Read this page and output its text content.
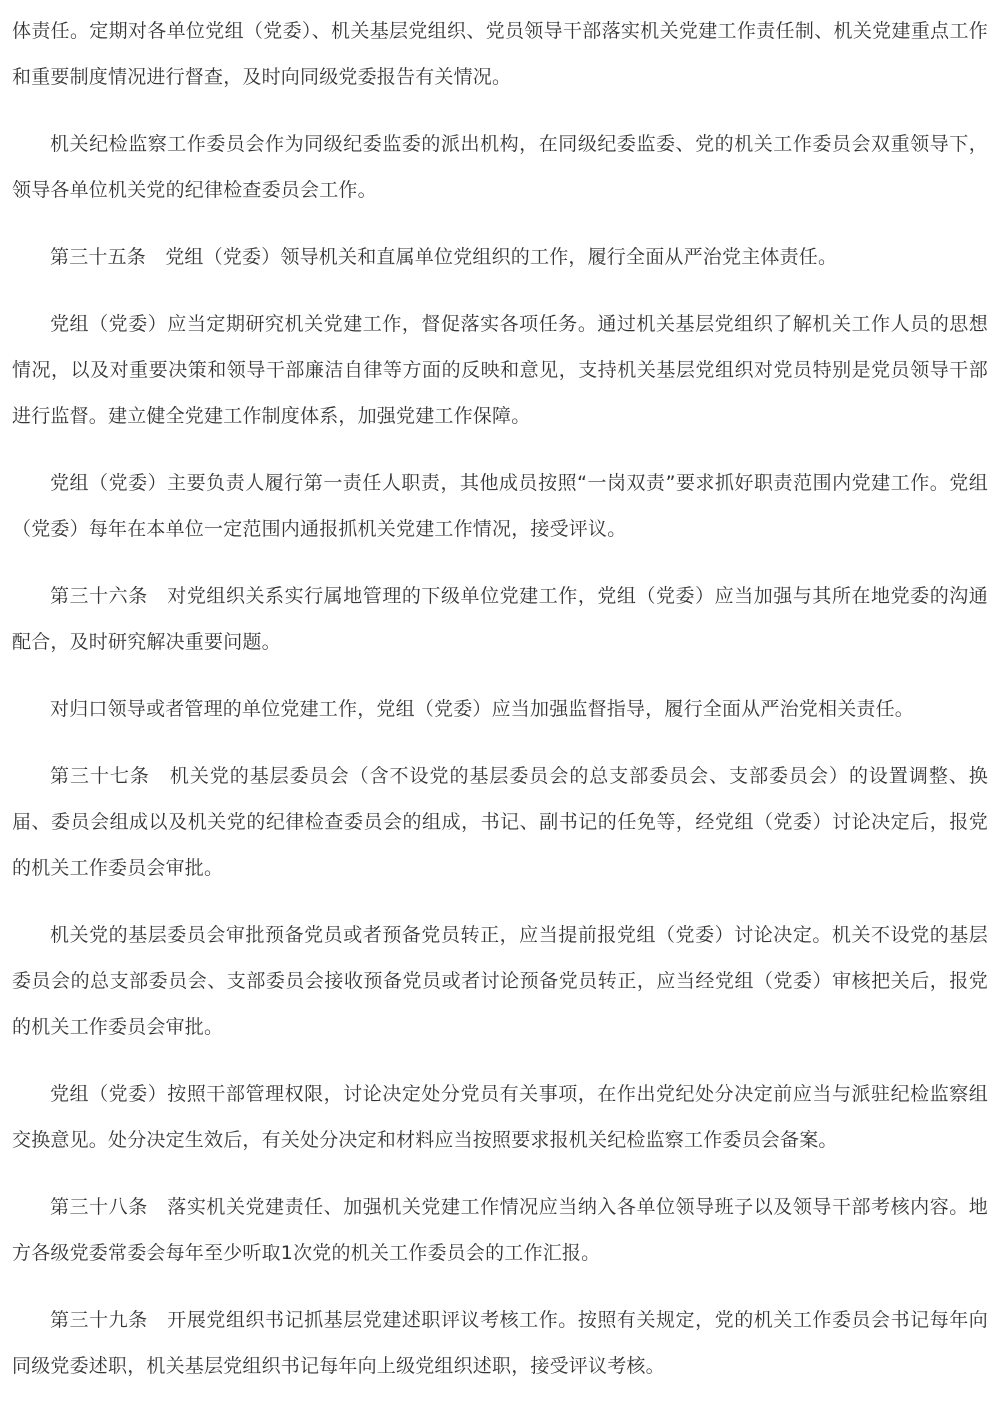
体责任。定期对各单位党组（党委）、机关基层党组织、党员领导干部落实机关党建工作责任制、机关党建重点工作和重要制度情况进行督查，及时向同级党委报告有关情况。

机关纪检监察工作委员会作为同级纪委监委的派出机构，在同级纪委监委、党的机关工作委员会双重领导下，领导各单位机关党的纪律检查委员会工作。

第三十五条　党组（党委）领导机关和直属单位党组织的工作，履行全面从严治党主体责任。

党组（党委）应当定期研究机关党建工作，督促落实各项任务。通过机关基层党组织了解机关工作人员的思想情况，以及对重要决策和领导干部廉洁自律等方面的反映和意见，支持机关基层党组织对党员特别是党员领导干部进行监督。建立健全党建工作制度体系，加强党建工作保障。

党组（党委）主要负责人履行第一责任人职责，其他成员按照“一岗双责”要求抓好职责范围内党建工作。党组（党委）每年在本单位一定范围内通报抓机关党建工作情况，接受评议。

第三十六条　对党组织关系实行属地管理的下级单位党建工作，党组（党委）应当加强与其所在地党委的沟通配合，及时研究解决重要问题。

对归口领导或者管理的单位党建工作，党组（党委）应当加强监督指导，履行全面从严治党相关责任。

第三十七条　机关党的基层委员会（含不设党的基层委员会的总支部委员会、支部委员会）的设置调整、换届、委员会组成以及机关党的纪律检查委员会的组成，书记、副书记的任免等，经党组（党委）讨论决定后，报党的机关工作委员会审批。

机关党的基层委员会审批预备党员或者预备党员转正，应当提前报党组（党委）讨论决定。机关不设党的基层委员会的总支部委员会、支部委员会接收预备党员或者讨论预备党员转正，应当经党组（党委）审核把关后，报党的机关工作委员会审批。

党组（党委）按照干部管理权限，讨论决定处分党员有关事项，在作出党纪处分决定前应当与派驻纪检监察组交换意见。处分决定生效后，有关处分决定和材料应当按照要求报机关纪检监察工作委员会备案。

第三十八条　落实机关党建责任、加强机关党建工作情况应当纳入各单位领导班子以及领导干部考核内容。地方各级党委常委会每年至少听取1次党的机关工作委员会的工作汇报。

第三十九条　开展党组织书记抓基层党建述职评议考核工作。按照有关规定，党的机关工作委员会书记每年向同级党委述职，机关基层党组织书记每年向上级党组织述职，接受评议考核。
